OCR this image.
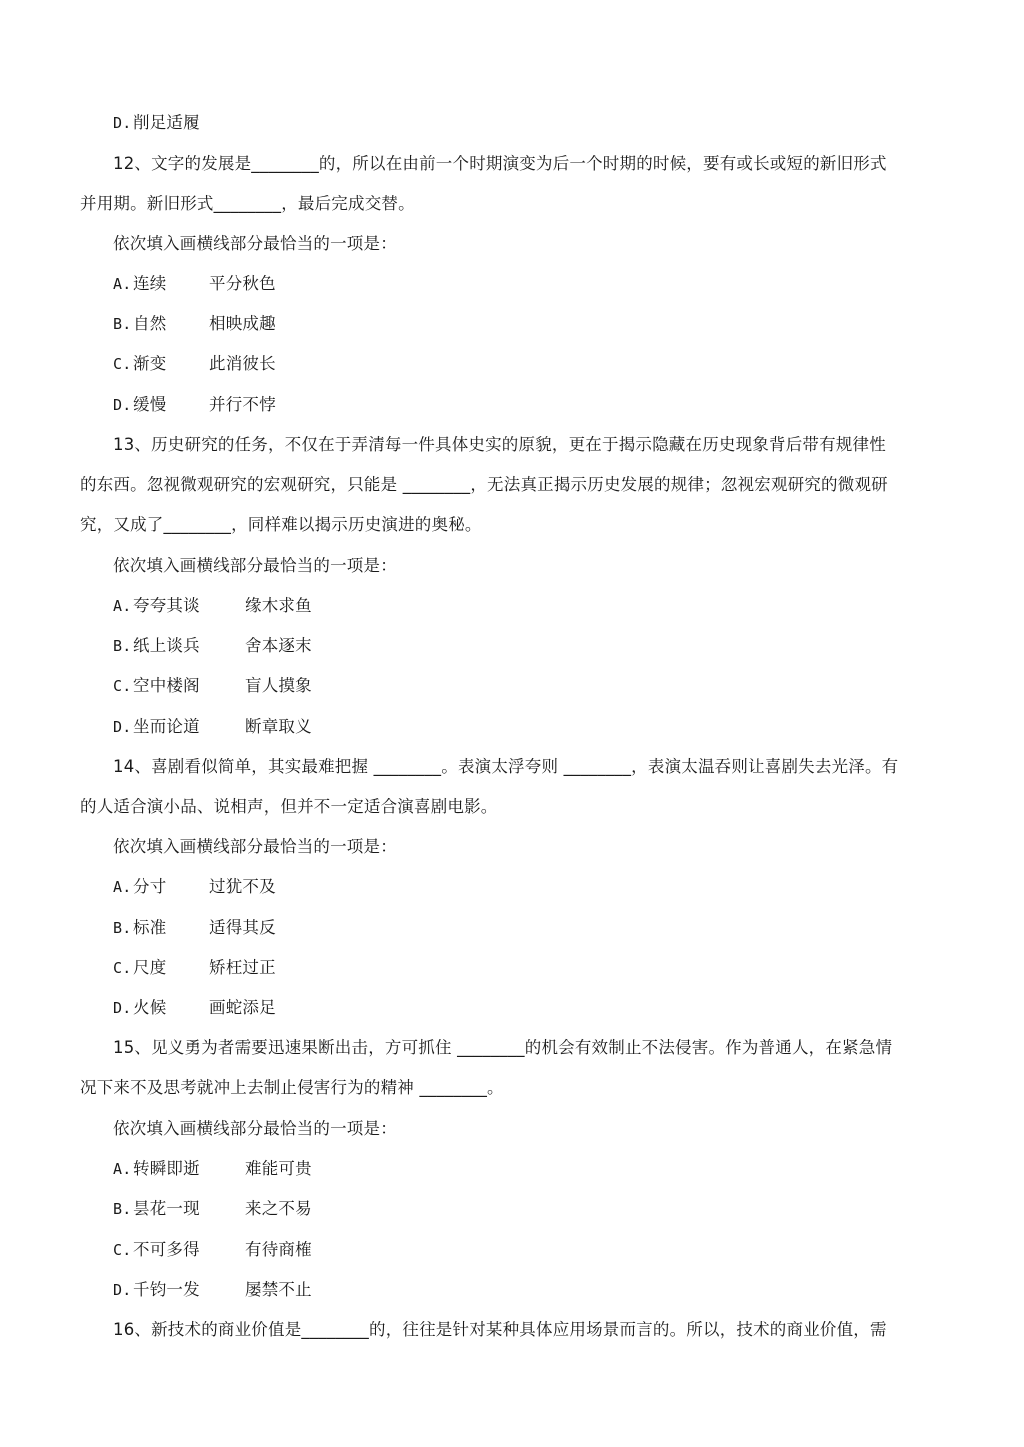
D.削足适履
12、文字的发展是________的，所以在由前一个时期演变为后一个时期的时候，要有或长或短的新旧形式
并用期。新旧形式________，最后完成交替。
依次填入画横线部分最恰当的一项是：
A.连续	平分秋色
B.自然	相映成趣
C.渐变	此消彼长
D.缓慢	并行不悖
13、历史研究的任务，不仅在于弄清每一件具体史实的原貌，更在于揭示隐藏在历史现象背后带有规律性
的东西。忽视微观研究的宏观研究，只能是 ________，无法真正揭示历史发展的规律；忽视宏观研究的微观研
究，又成了________，同样难以揭示历史演进的奥秘。
依次填入画横线部分最恰当的一项是：
A.夸夸其谈	缘木求鱼
B.纸上谈兵	舍本逐末
C.空中楼阁	盲人摸象
D.坐而论道	断章取义
14、喜剧看似简单，其实最难把握 ________。表演太浮夸则 ________，表演太温吞则让喜剧失去光泽。有
的人适合演小品、说相声，但并不一定适合演喜剧电影。
依次填入画横线部分最恰当的一项是：
A.分寸	过犹不及
B.标准	适得其反
C.尺度	矫枉过正
D.火候	画蛇添足
15、见义勇为者需要迅速果断出击，方可抓住 ________的机会有效制止不法侵害。作为普通人，在紧急情
况下来不及思考就冲上去制止侵害行为的精神 ________。
依次填入画横线部分最恰当的一项是：
A.转瞬即逝	难能可贵
B.昙花一现	来之不易
C.不可多得	有待商榷
D.千钧一发	屡禁不止
16、新技术的商业价值是________的，往往是针对某种具体应用场景而言的。所以，技术的商业价值，需
